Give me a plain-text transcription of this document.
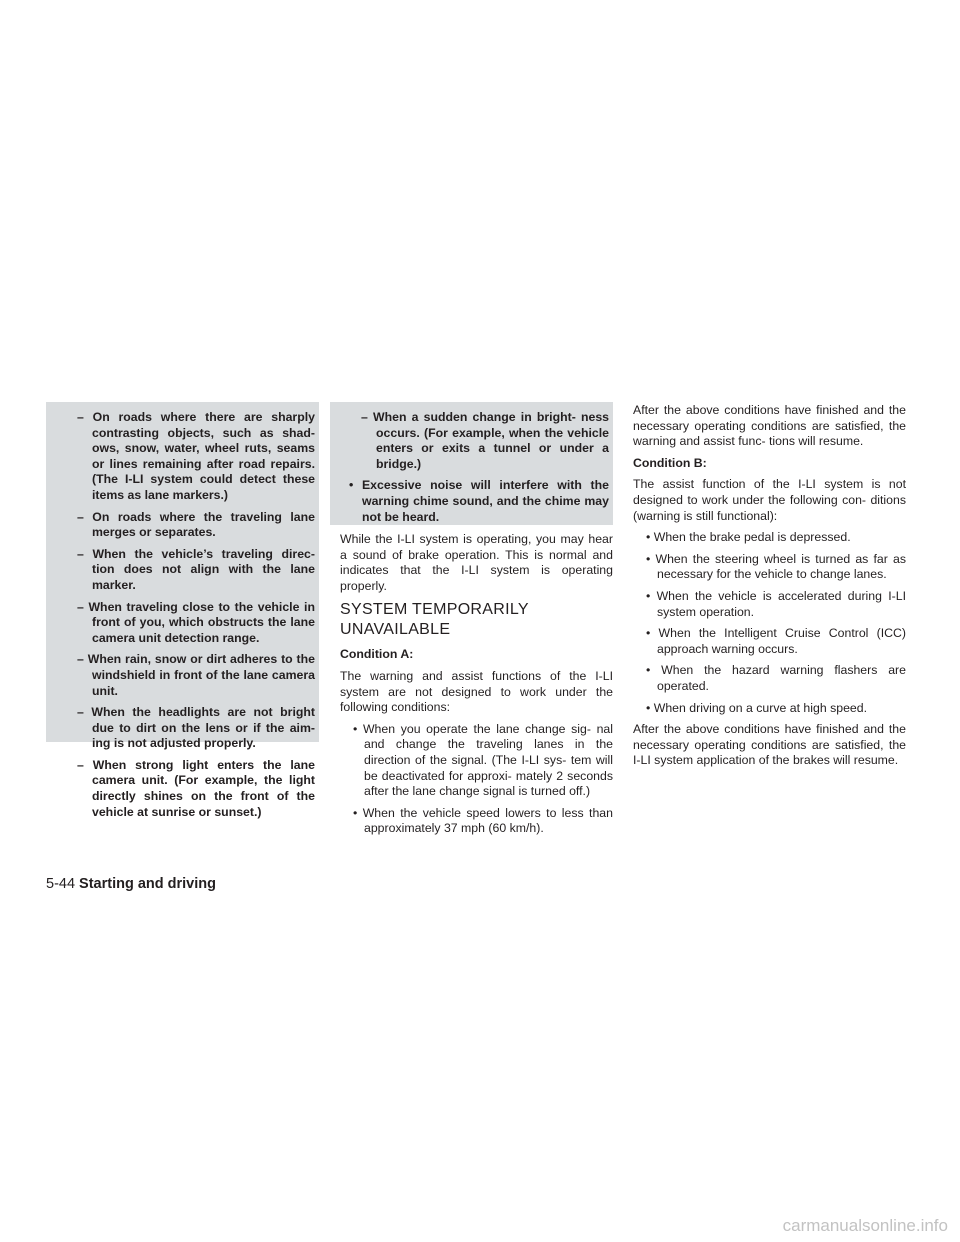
– On roads where there are sharply contrasting objects, such as shad- ows, snow, water, wheel ruts, seams or lines remaining after road repairs. (The I-LI system could detect these items as lane markers.)

– On roads where the traveling lane merges or separates.

– When the vehicle’s traveling direc- tion does not align with the lane marker.

– When traveling close to the vehicle in front of you, which obstructs the lane camera unit detection range.

– When rain, snow or dirt adheres to the windshield in front of the lane camera unit.

– When the headlights are not bright due to dirt on the lens or if the aim- ing is not adjusted properly.

– When strong light enters the lane camera unit. (For example, the light directly shines on the front of the vehicle at sunrise or sunset.)

– When a sudden change in bright- ness occurs. (For example, when the vehicle enters or exits a tunnel or under a bridge.)

• Excessive noise will interfere with the warning chime sound, and the chime may not be heard.

While the I-LI system is operating, you may hear a sound of brake operation. This is normal and indicates that the I-LI system is operating properly.

SYSTEM TEMPORARILY UNAVAILABLE

Condition A:

The warning and assist functions of the I-LI system are not designed to work under the following conditions:

• When you operate the lane change sig- nal and change the traveling lanes in the direction of the signal. (The I-LI sys- tem will be deactivated for approxi- mately 2 seconds after the lane change signal is turned off.)

• When the vehicle speed lowers to less than approximately 37 mph (60 km/h).

After the above conditions have finished and the necessary operating conditions are satisfied, the warning and assist func- tions will resume.

Condition B:

The assist function of the I-LI system is not designed to work under the following con- ditions (warning is still functional):

• When the brake pedal is depressed.

• When the steering wheel is turned as far as necessary for the vehicle to change lanes.

• When the vehicle is accelerated during I-LI system operation.

• When the Intelligent Cruise Control (ICC) approach warning occurs.

• When the hazard warning flashers are operated.

• When driving on a curve at high speed.

After the above conditions have finished and the necessary operating conditions are satisfied, the I-LI system application of the brakes will resume.

5-44 Starting and driving
carmanualsonline.info
